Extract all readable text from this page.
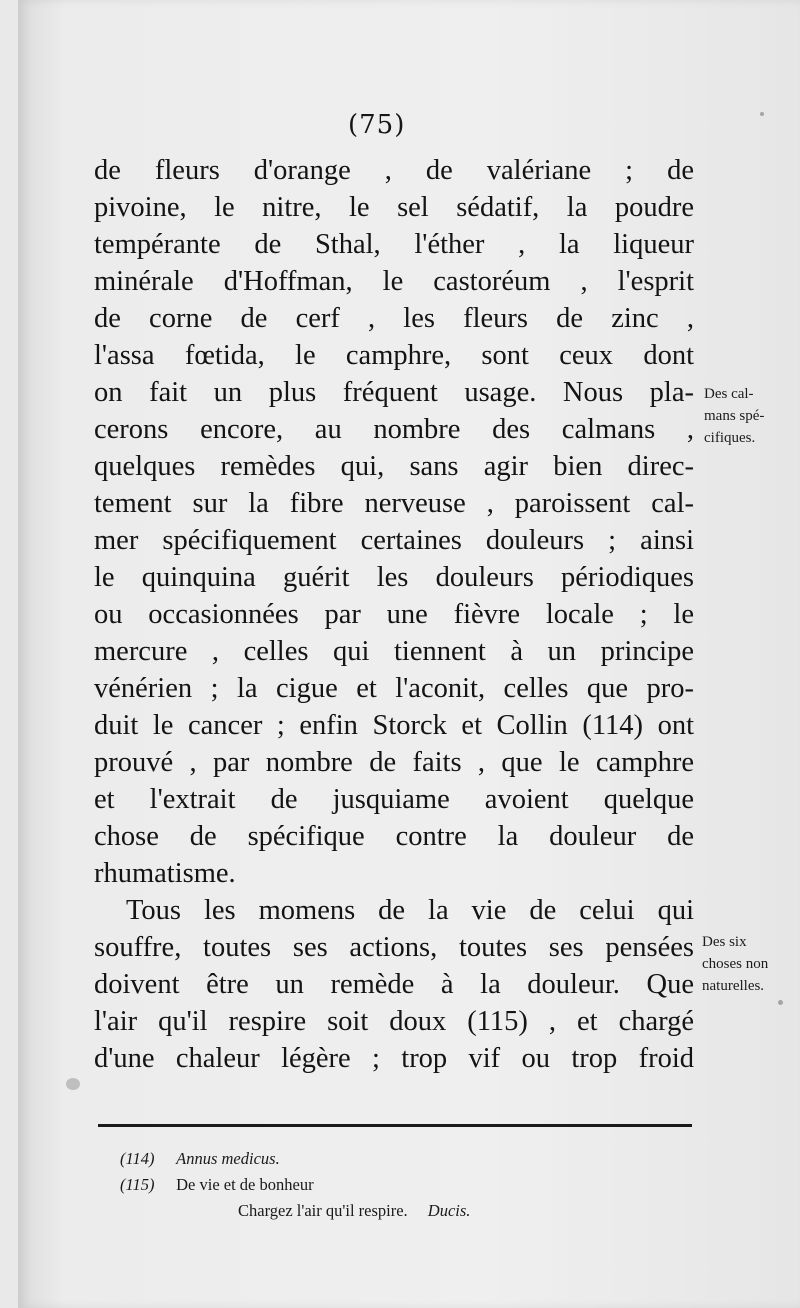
(75)
de fleurs d'orange , de valériane ; de
pivoine, le nitre, le sel sédatif, la poudre
tempérante de Sthal, l'éther , la liqueur
minérale d'Hoffman, le castoréum , l'esprit
de corne de cerf , les fleurs de zinc ,
l'assa fœtida, le camphre, sont ceux dont
on fait un plus fréquent usage. Nous pla-
cerons encore, au nombre des calmans ,
quelques remèdes qui, sans agir bien direc-
tement sur la fibre nerveuse , paroissent cal-
mer spécifiquement certaines douleurs ; ainsi
le quinquina guérit les douleurs périodiques
ou occasionnées par une fièvre locale ; le
mercure , celles qui tiennent à un principe
vénérien ; la cigue et l'aconit, celles que pro-
duit le cancer ; enfin Storck et Collin (114) ont
prouvé , par nombre de faits , que le camphre
et l'extrait de jusquiame avoient quelque
chose de spécifique contre la douleur de
rhumatisme.
Tous les momens de la vie de celui qui
souffre, toutes ses actions, toutes ses pensées
doivent être un remède à la douleur. Que
l'air qu'il respire soit doux (115) , et chargé
d'une chaleur légère ; trop vif ou trop froid
Des cal-
mans spé-
cifiques.
Des six
choses non
naturelles.
(114) Annus medicus.
(115) De vie et de bonheur
Chargez l'air qu'il respire. Ducis.
